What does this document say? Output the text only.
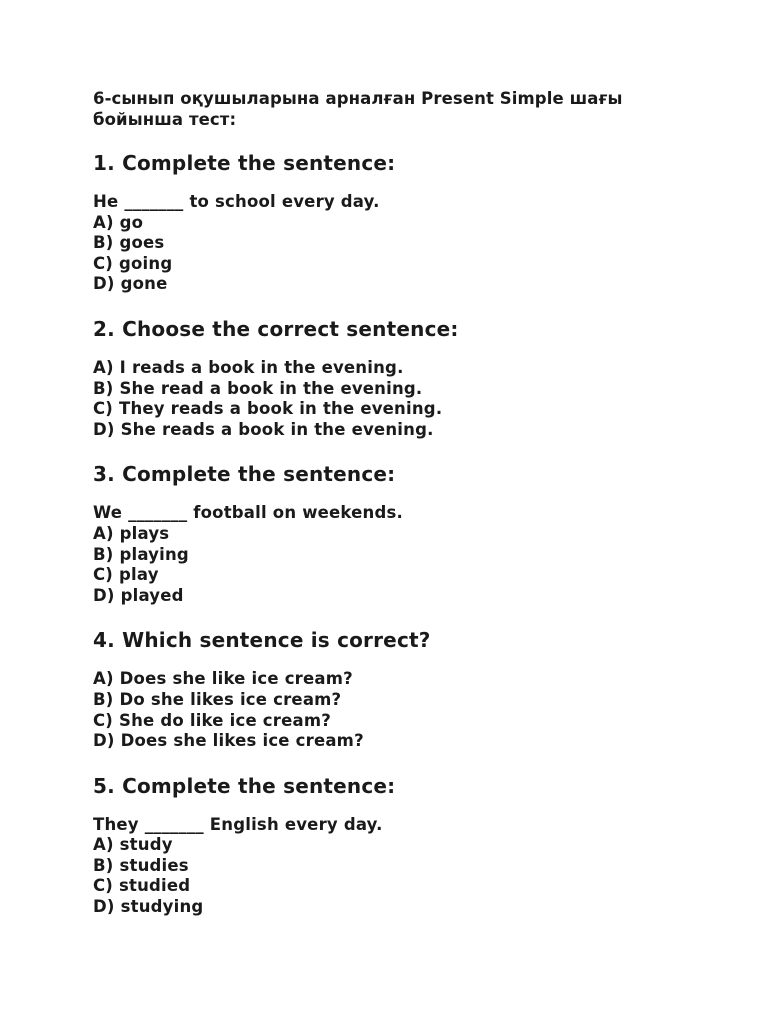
6-сынып оқушыларына арналған Present Simple шағы бойынша тест:

1. Complete the sentence:

He _______ to school every day.

A) go
B) goes
C) going
D) gone

2. Choose the correct sentence:

A) I reads a book in the evening.
B) She read a book in the evening.
C) They reads a book in the evening.
D) She reads a book in the evening.

3. Complete the sentence:

We _______ football on weekends.

A) plays
B) playing
C) play
D) played

4. Which sentence is correct?

A) Does she like ice cream?
B) Do she likes ice cream?
C) She do like ice cream?
D) Does she likes ice cream?

5. Complete the sentence:

They _______ English every day.

A) study
B) studies
C) studied
D) studying
